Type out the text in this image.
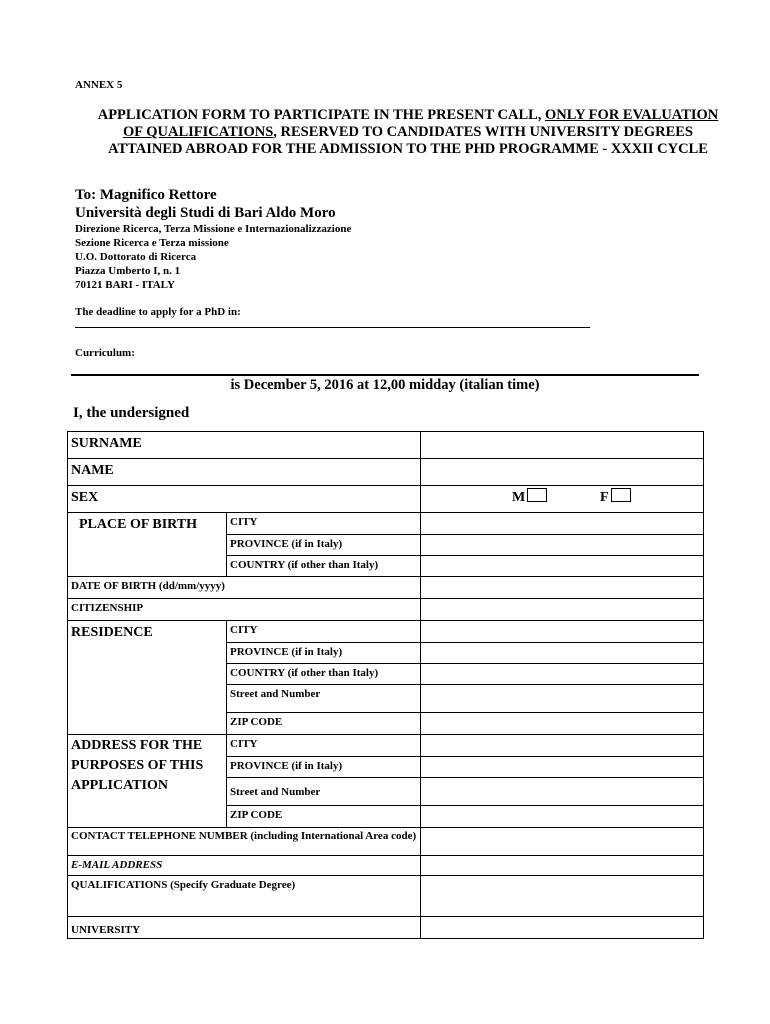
ANNEX 5
APPLICATION FORM TO PARTICIPATE IN THE PRESENT CALL, ONLY FOR EVALUATION OF QUALIFICATIONS, RESERVED TO CANDIDATES WITH UNIVERSITY DEGREES ATTAINED ABROAD FOR THE ADMISSION TO THE PHD PROGRAMME - XXXII CYCLE
To: Magnifico Rettore
Università degli Studi di Bari Aldo Moro
Direzione Ricerca, Terza Missione e Internazionalizzazione
Sezione Ricerca e Terza missione
U.O. Dottorato di Ricerca
Piazza Umberto I, n. 1
70121 BARI - ITALY
The deadline to apply for a PhD in:
Curriculum:
is December 5, 2016 at 12,00 midday (italian time)
I, the undersigned
SURNAME		

NAME		

SEX		M F

PLACE OF BIRTH	CITY	

	PROVINCE (if in Italy)	

	COUNTRY (if other than Italy)	

DATE OF BIRTH (dd/mm/yyyy)		

CITIZENSHIP		

RESIDENCE	CITY	

	PROVINCE (if in Italy)	

	COUNTRY (if other than Italy)	

	Street and Number	

	ZIP CODE	

ADDRESS FOR THE PURPOSES OF THIS APPLICATION	CITY	

	PROVINCE (if in Italy)	

	Street and Number	

	ZIP CODE	

CONTACT TELEPHONE NUMBER (including International Area code)		

E-MAIL ADDRESS		

QUALIFICATIONS (Specify Graduate Degree)		

UNIVERSITY		
